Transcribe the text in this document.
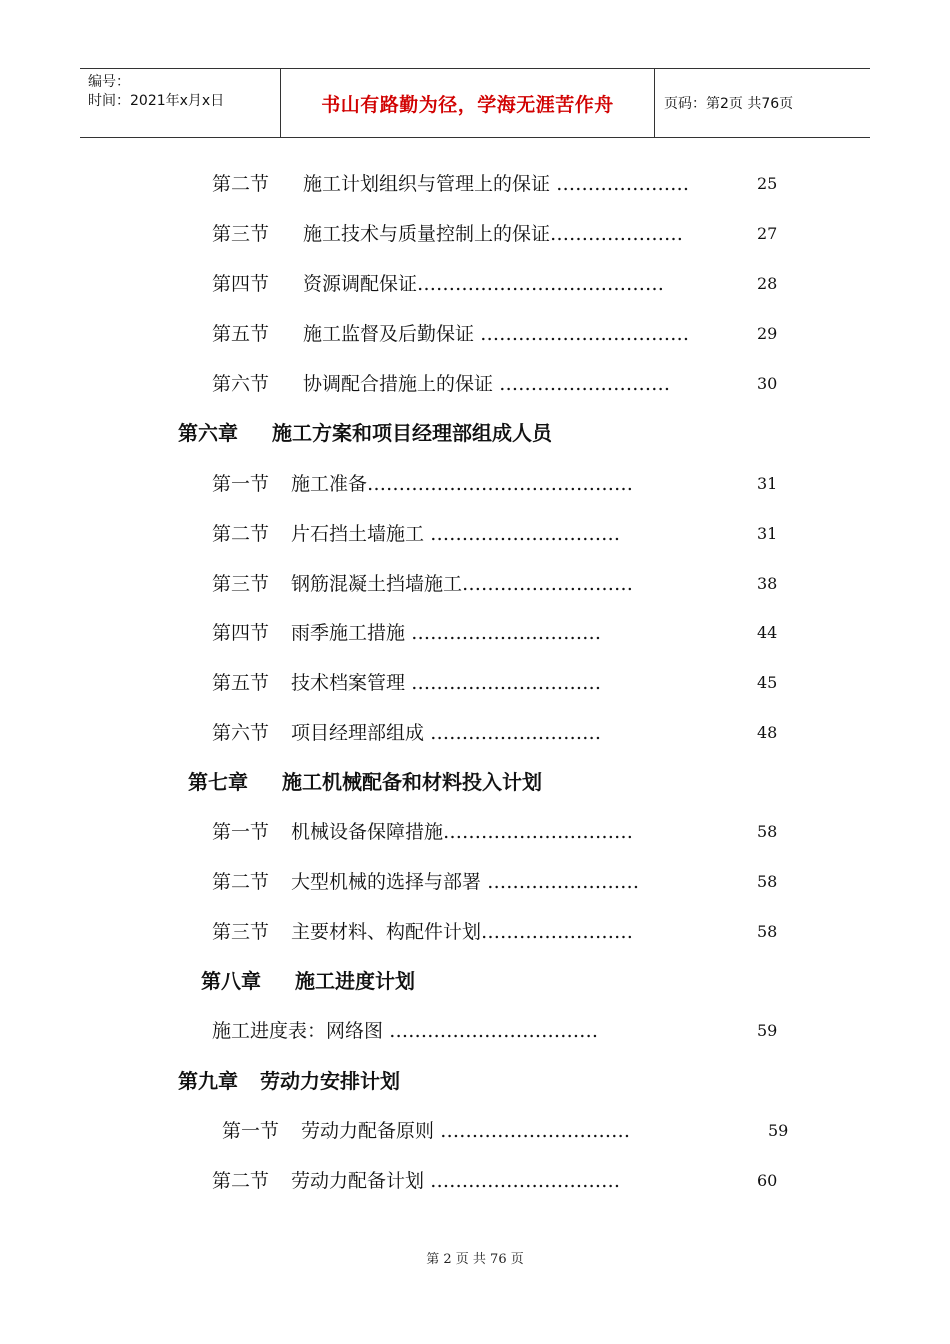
编号：
时间：2021年x月x日	书山有路勤为径，学海无涯苦作舟	页码：第2页 共76页
第二节 施工计划组织与管理上的保证 …………………	25
第三节 施工技术与质量控制上的保证…………………	27
第四节 资源调配保证…………………………………	28
第五节 施工监督及后勤保证 ……………………………	29
第六节 协调配合措施上的保证 ………………………	30
第六章 施工方案和项目经理部组成人员
第一节 施工准备……………………………………	31
第二节 片石挡土墙施工 …………………………	31
第三节 钢筋混凝土挡墙施工………………………	38
第四节 雨季施工措施 …………………………	44
第五节 技术档案管理 …………………………	45
第六节 项目经理部组成 ………………………	48
第七章 施工机械配备和材料投入计划
第一节 机械设备保障措施…………………………	58
第二节 大型机械的选择与部署 ……………………	58
第三节 主要材料、构配件计划……………………	58
第八章 施工进度计划
施工进度表：网络图 ……………………………	59
第九章 劳动力安排计划
第一节 劳动力配备原则 …………………………	59
第二节 劳动力配备计划 …………………………	60
第 2 页 共 76 页
